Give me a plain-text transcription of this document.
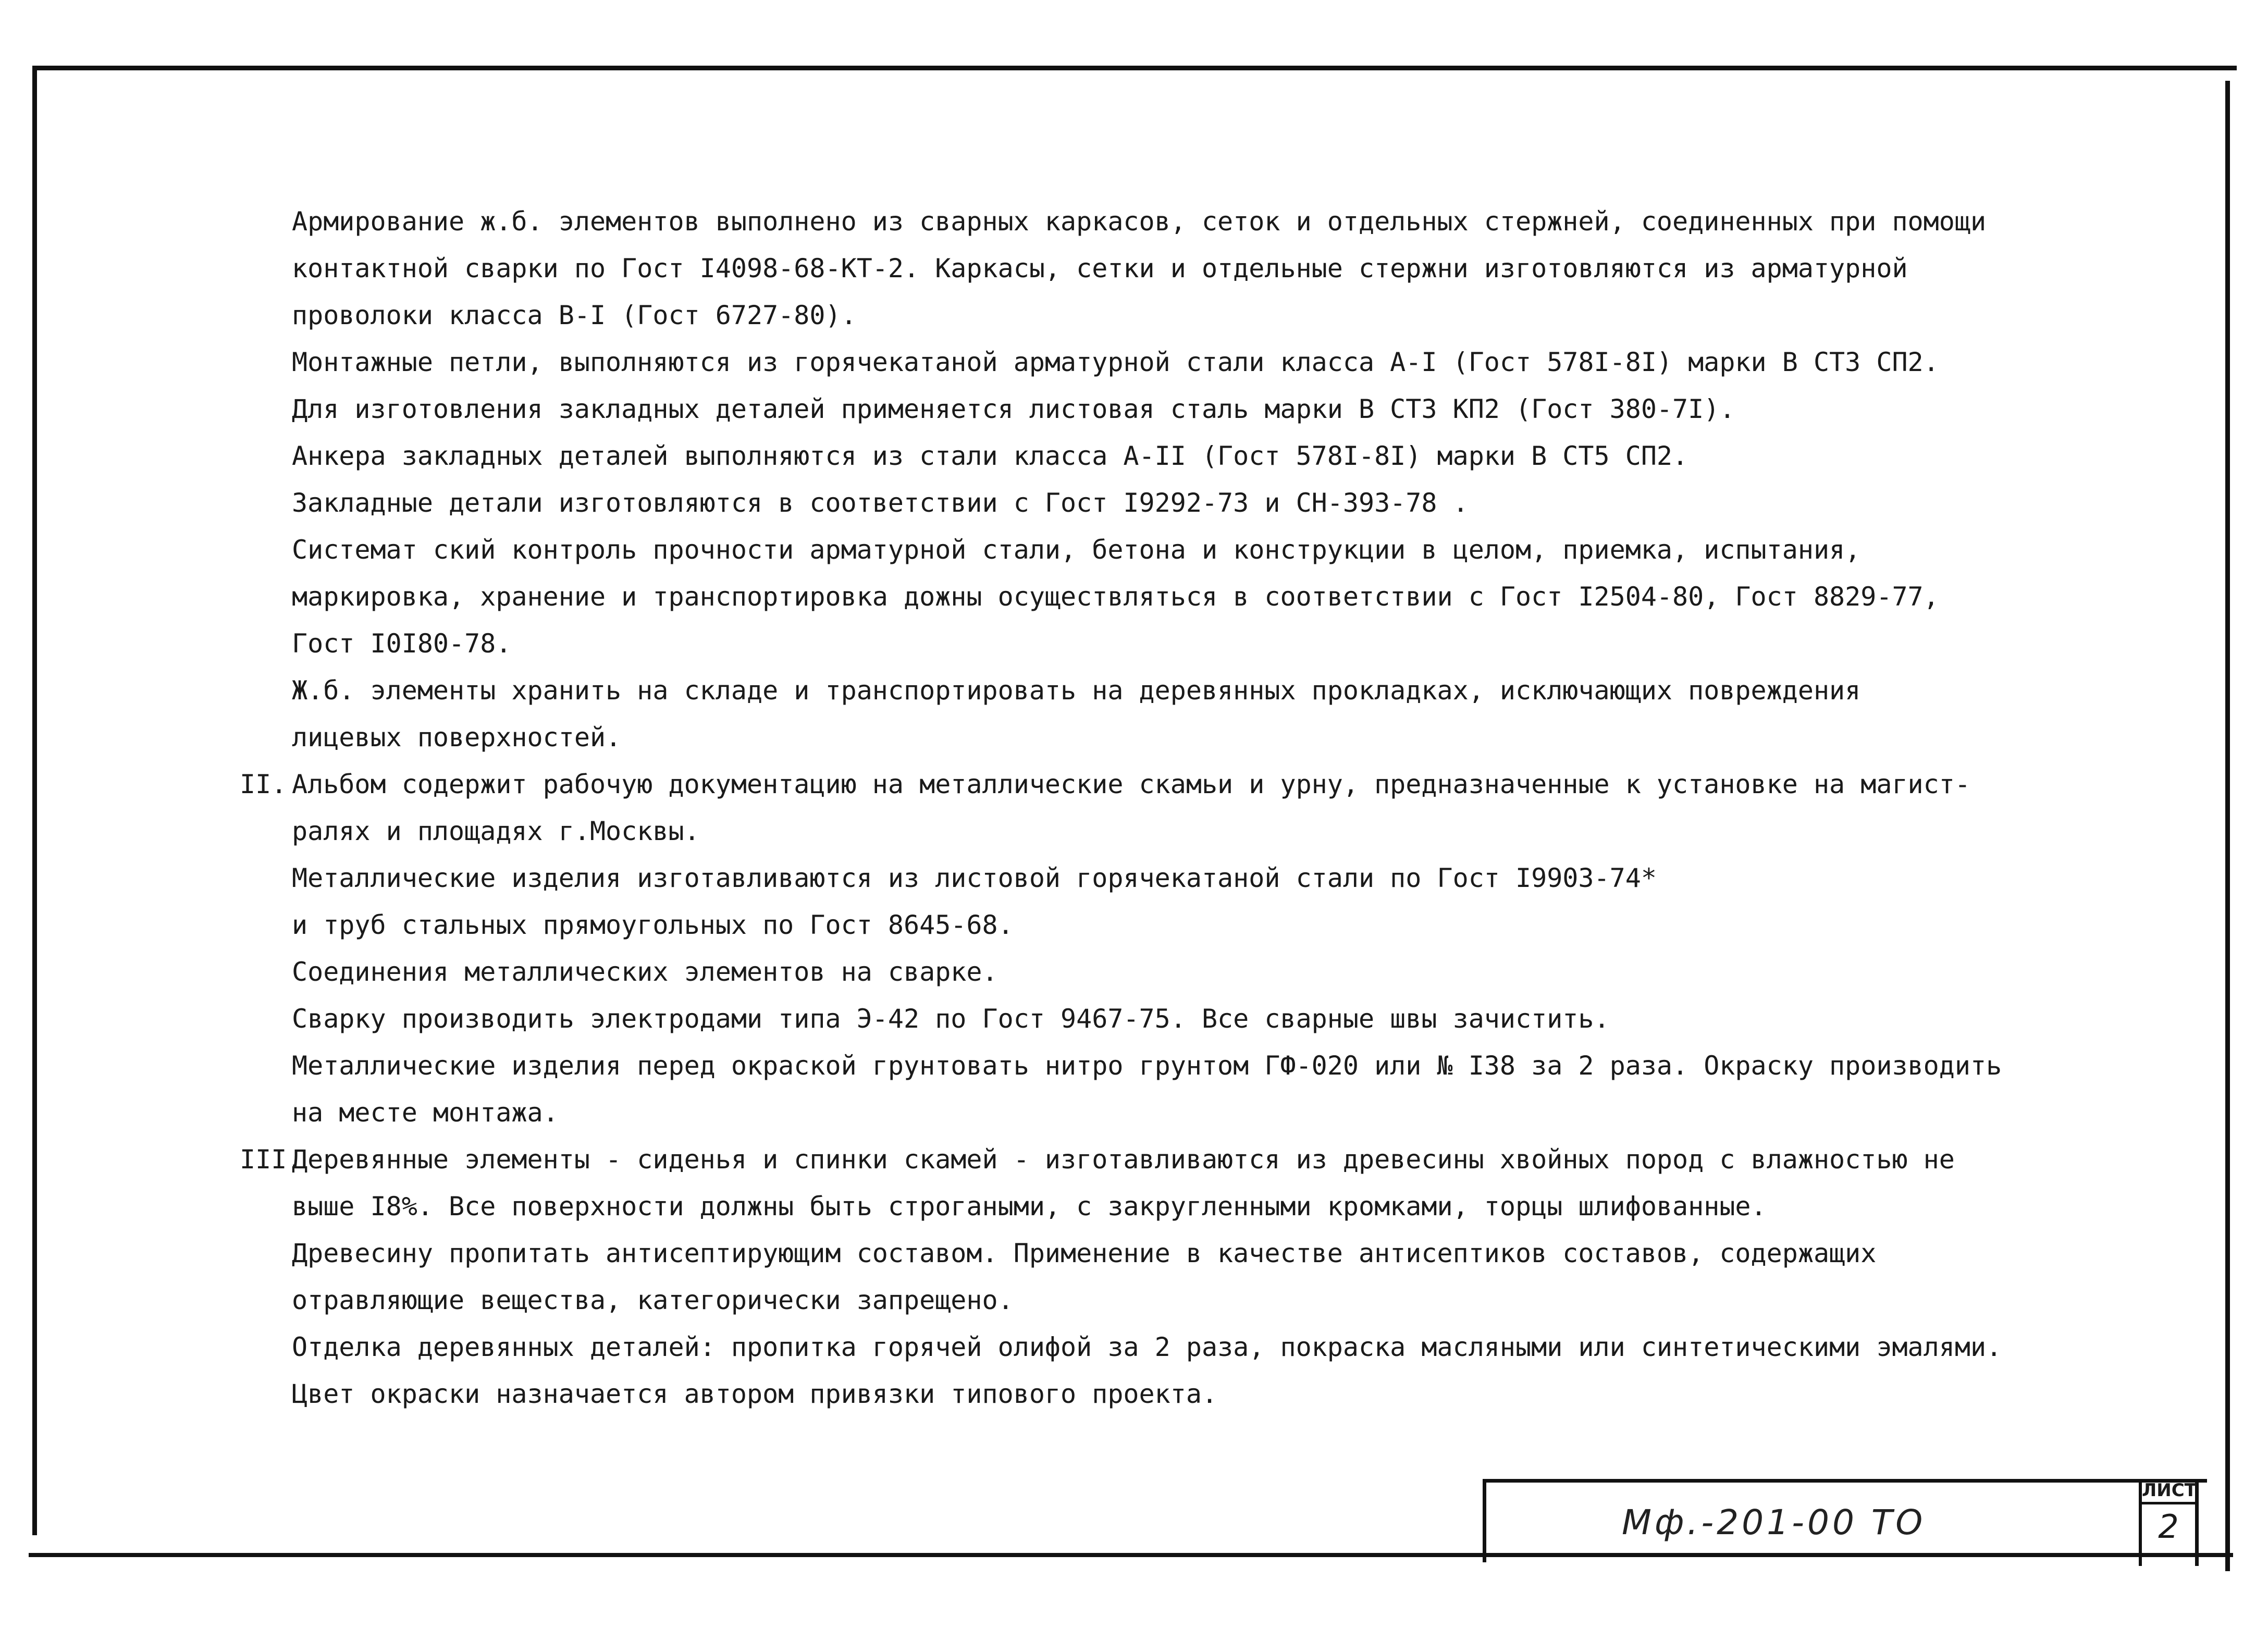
Армирование ж.б. элементов выполнено из сварных каркасов, сеток и отдельных стержней, соединенных при помощи
контактной сварки по Гост I4098-68-КТ-2. Каркасы, сетки и отдельные стержни изготовляются из арматурной
проволоки класса В-I (Гост 6727-80).
Монтажные петли, выполняются из горячекатаной арматурной стали класса А-I (Гост 578I-8I) марки В СТ3 СП2.
Для изготовления закладных деталей применяется листовая сталь марки В СТ3 КП2 (Гост 380-7I).
Анкера закладных деталей выполняются из стали класса А-II (Гост 578I-8I) марки В СТ5 СП2.
Закладные детали изготовляются в соответствии с Гост I9292-73 и СН-393-78 .
Системат ский контроль прочности арматурной стали, бетона и конструкции в целом, приемка, испытания,
маркировка, хранение и транспортировка дожны осуществляться в соответствии с Гост I2504-80, Гост 8829-77,
Гост I0I80-78.
Ж.б. элементы хранить на складе и транспортировать на деревянных прокладках, исключающих повреждения
лицевых поверхностей.
II. Альбом содержит рабочую документацию на металлические скамьи и урну, предназначенные к установке на магист-
ралях и площадях г.Москвы.
Металлические изделия изготавливаются из листовой горячекатаной стали по Гост I9903-74*
и труб стальных прямоугольных по Гост 8645-68.
Соединения металлических элементов на сварке.
Сварку производить электродами типа Э-42 по Гост 9467-75. Все сварные швы зачистить.
Металлические изделия перед окраской грунтовать нитро грунтом ГФ-020 или № I38 за 2 раза. Окраску производить
на месте монтажа.
III.
Деревянные элементы - сиденья и спинки скамей - изготавливаются из древесины хвойных пород с влажностью не
выше I8%. Все поверхности должны быть строгаными, с закругленными кромками, торцы шлифованные.
Древесину пропитать антисептирующим составом. Применение в качестве антисептиков составов, содержащих
отравляющие вещества, категорически запрещено.
Отделка деревянных деталей: пропитка горячей олифой за 2 раза, покраска масляными или синтетическими эмалями.
Цвет окраски назначается автором привязки типового проекта.
Мф.-201-00 ТО
ЛИСТ
2
